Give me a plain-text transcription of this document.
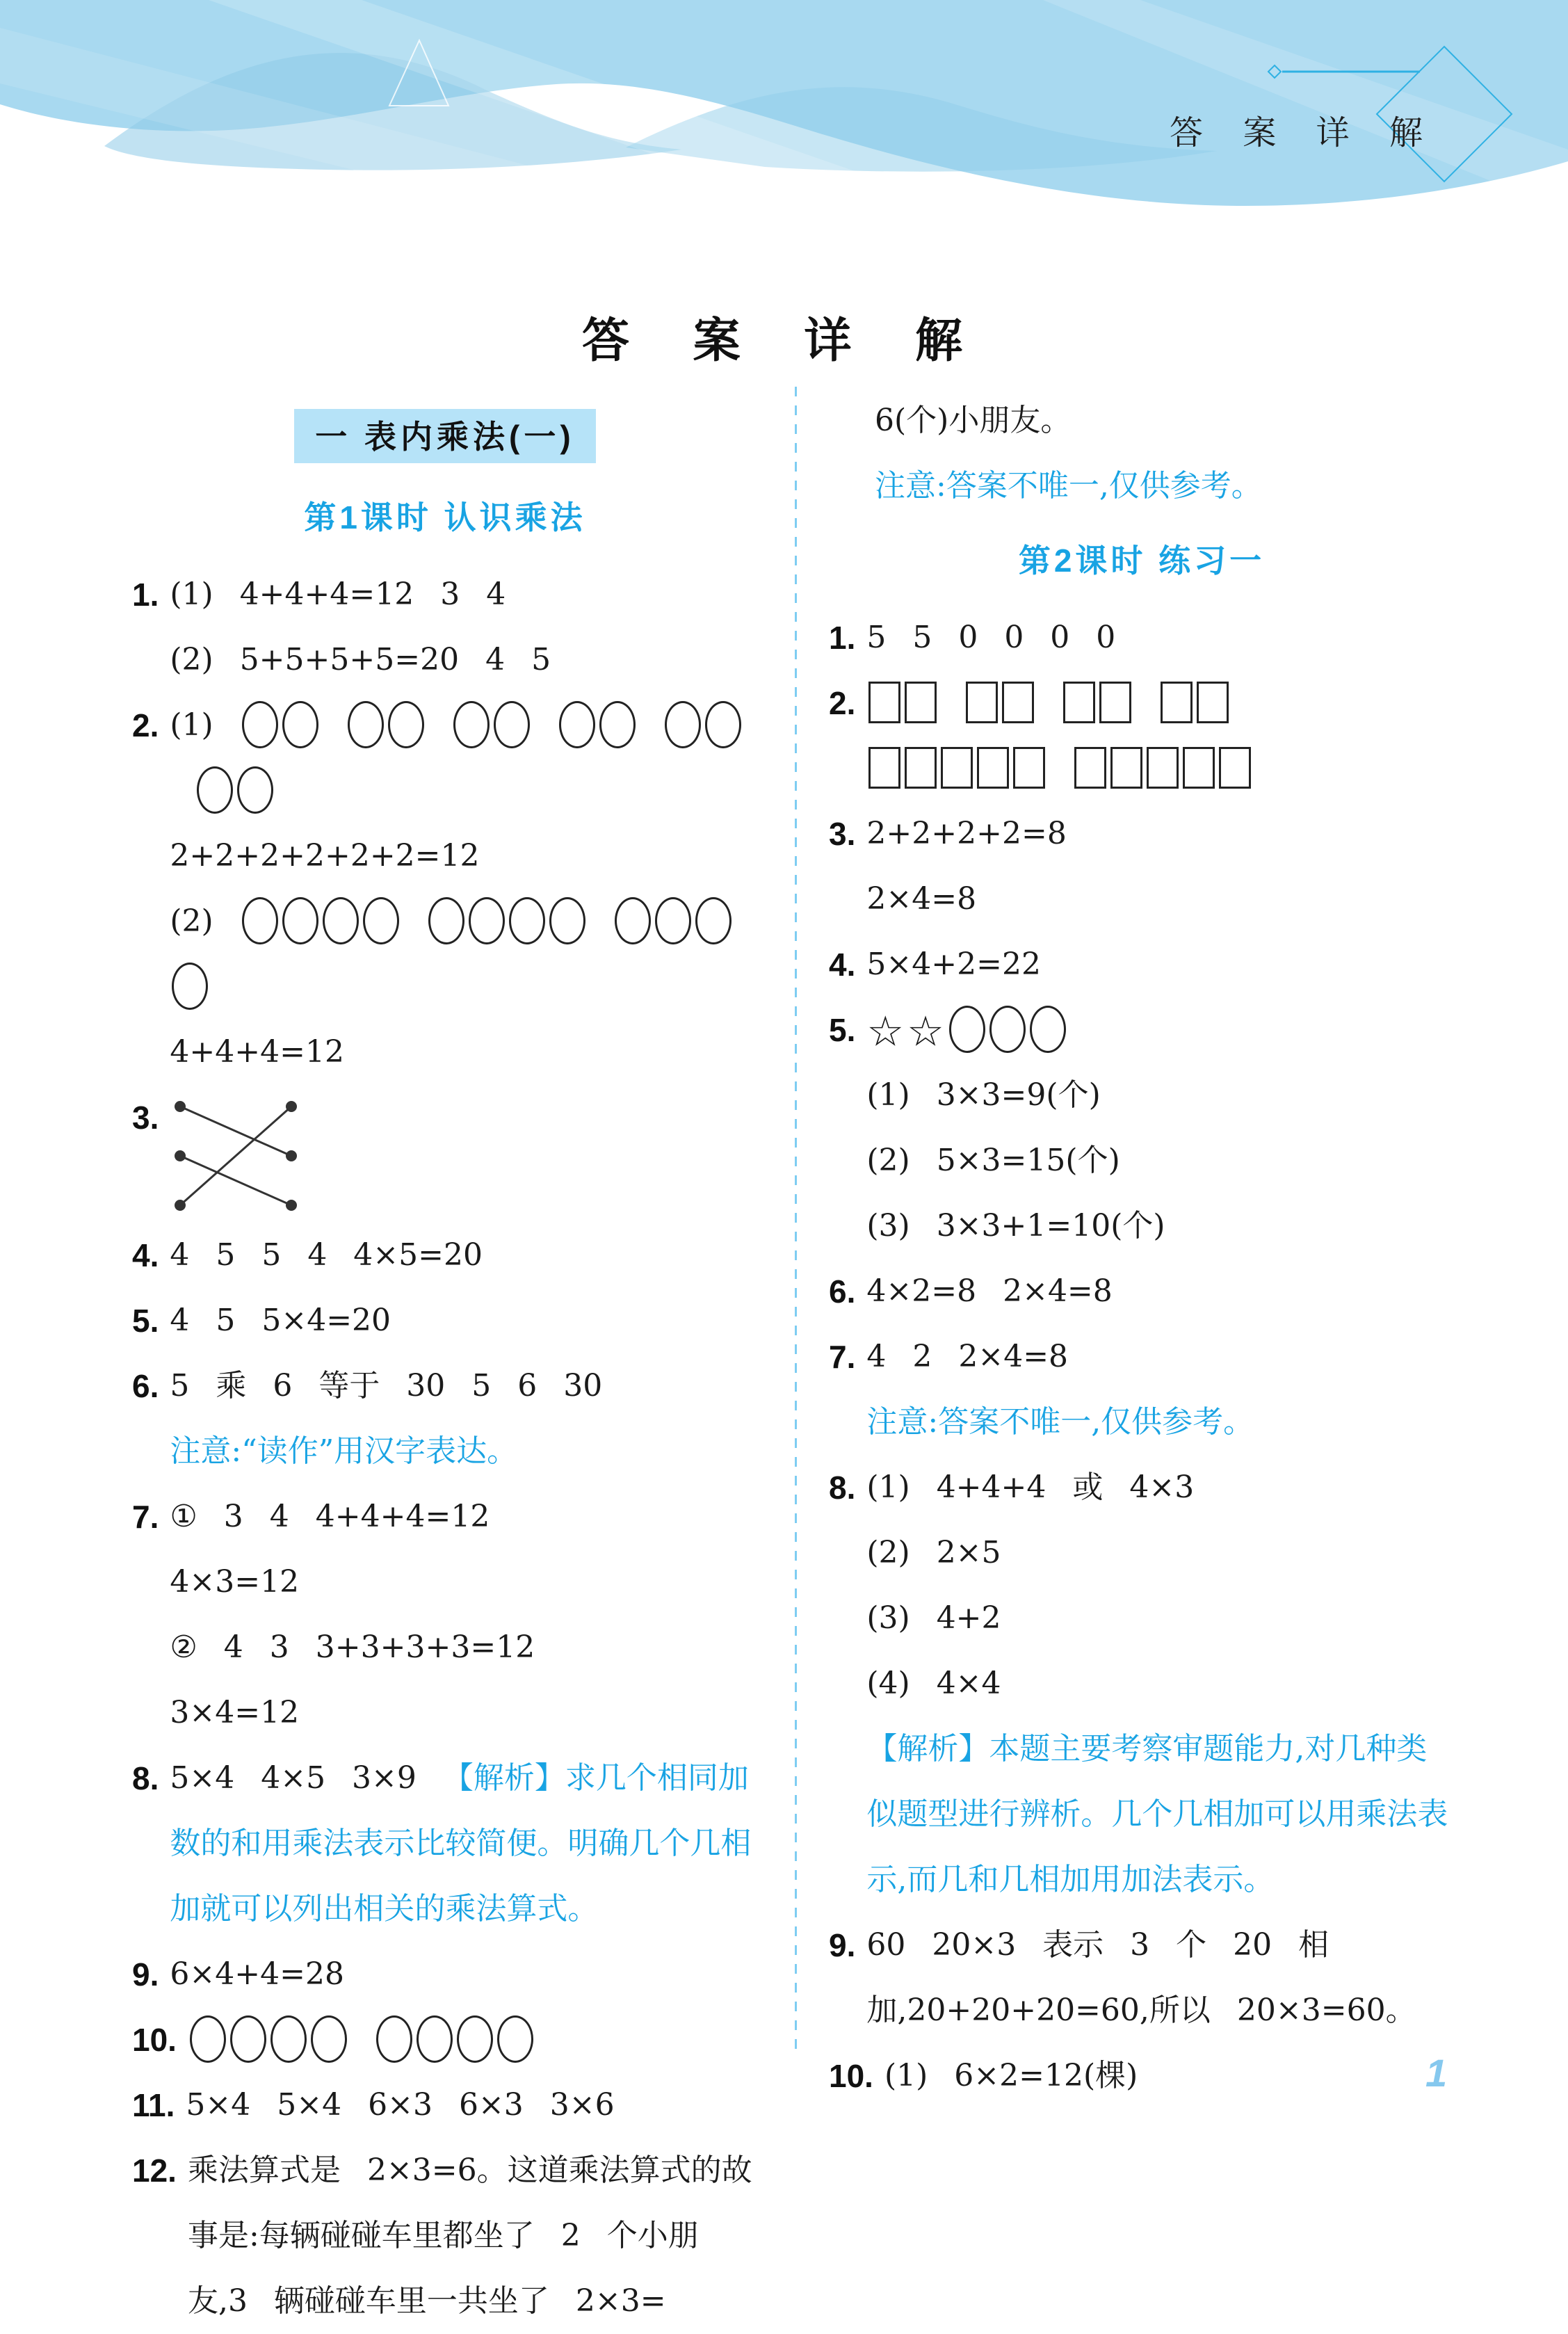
答 案 详 解
答 案 详 解
一 表内乘法(一)
第1课时 认识乘法
1. (1) 4+4+4=12 3 4
(2) 5+5+5+5=20 4 5
2. (1)
2+2+2+2+2+2=12
(2)
4+4+4=12
3.
4. 4 5 5 4 4×5=20
5. 4 5 5×4=20
6. 5 乘 6 等于 30 5 6 30
注意:“读作”用汉字表达。
7. ① 3 4 4+4+4=12
4×3=12
② 4 3 3+3+3+3=12
3×4=12
8. 5×4 4×5 3×9 【解析】求几个相同加数的和用乘法表示比较简便。明确几个几相加就可以列出相关的乘法算式。
9. 6×4+4=28
10.
11. 5×4 5×4 6×3 6×3 3×6
12. 乘法算式是 2×3=6。这道乘法算式的故事是:每辆碰碰车里都坐了 2 个小朋友,3 辆碰碰车里一共坐了 2×3=
6(个)小朋友。
注意:答案不唯一,仅供参考。
第2课时 练习一
1. 5 5 0 0 0 0
2.
3. 2+2+2+2=8
2×4=8
4. 5×4+2=22
5. ☆☆
(1) 3×3=9(个)
(2) 5×3=15(个)
(3) 3×3+1=10(个)
6. 4×2=8 2×4=8
7. 4 2 2×4=8
注意:答案不唯一,仅供参考。
8. (1) 4+4+4 或 4×3
(2) 2×5
(3) 4+2
(4) 4×4
【解析】本题主要考察审题能力,对几种类似题型进行辨析。几个几相加可以用乘法表示,而几和几相加用加法表示。
9. 60 20×3 表示 3 个 20 相加,20+20+20=60,所以 20×3=60。
10. (1) 6×2=12(棵)	1
